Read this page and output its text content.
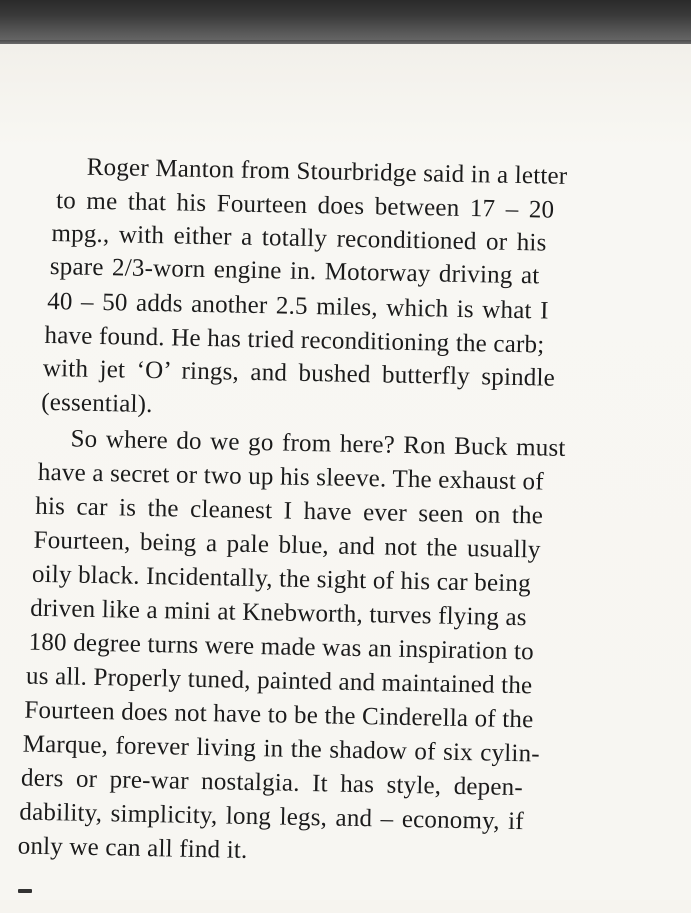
Roger Manton from Stourbridge said in a letter
to me that his Fourteen does between 17 – 20
mpg., with either a totally reconditioned or his
spare 2/3-worn engine in. Motorway driving at
40 – 50 adds another 2.5 miles, which is what I
have found. He has tried reconditioning the carb;
with jet ‘O’ rings, and bushed butterfly spindle
(essential).
So where do we go from here? Ron Buck must
have a secret or two up his sleeve. The exhaust of
his car is the cleanest I have ever seen on the
Fourteen, being a pale blue, and not the usually
oily black. Incidentally, the sight of his car being
driven like a mini at Knebworth, turves flying as
180 degree turns were made was an inspiration to
us all. Properly tuned, painted and maintained the
Fourteen does not have to be the Cinderella of the
Marque, forever living in the shadow of six cylin-
ders or pre-war nostalgia. It has style, depen-
dability, simplicity, long legs, and – economy, if
only we can all find it.
